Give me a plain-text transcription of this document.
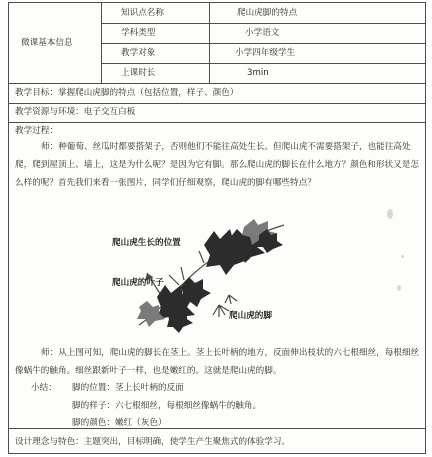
微课基本信息
知识点名称	爬山虎脚的特点
学科类型	小学语文
教学对象	小学四年级学生
上课时长	3min
教学目标：掌握爬山虎脚的特点（包括位置，样子、颜色）
教学资源与环境：电子交互白板
教学过程：
师：种葡萄、丝瓜时都要搭架子，否则他们不能往高处生长。但爬山虎不需要搭架子，也能往高处爬，爬到屋顶上、墙上，这是为什么呢？是因为它有脚。那么爬山虎的脚长在什么地方？颜色和形状又是怎么样的呢？首先我们来看一张图片，同学们仔细观察，爬山虎的脚有哪些特点？
爬山虎生长的位置
爬山虎的叶子
爬山虎的脚
师：从上图可知，爬山虎的脚长在茎上。茎上长叶柄的地方，反面伸出枝状的六七根细丝，每根细丝像蜗牛的触角。细丝跟新叶子一样，也是嫩红的。这就是爬山虎的脚。
小结： 脚的位置：茎上长叶柄的反面
脚的样子：六七根细丝，每根细丝像蜗牛的触角。
脚的颜色：嫩红（灰色）
设计理念与特色：主题突出，目标明确，使学生产生聚焦式的体验学习。
